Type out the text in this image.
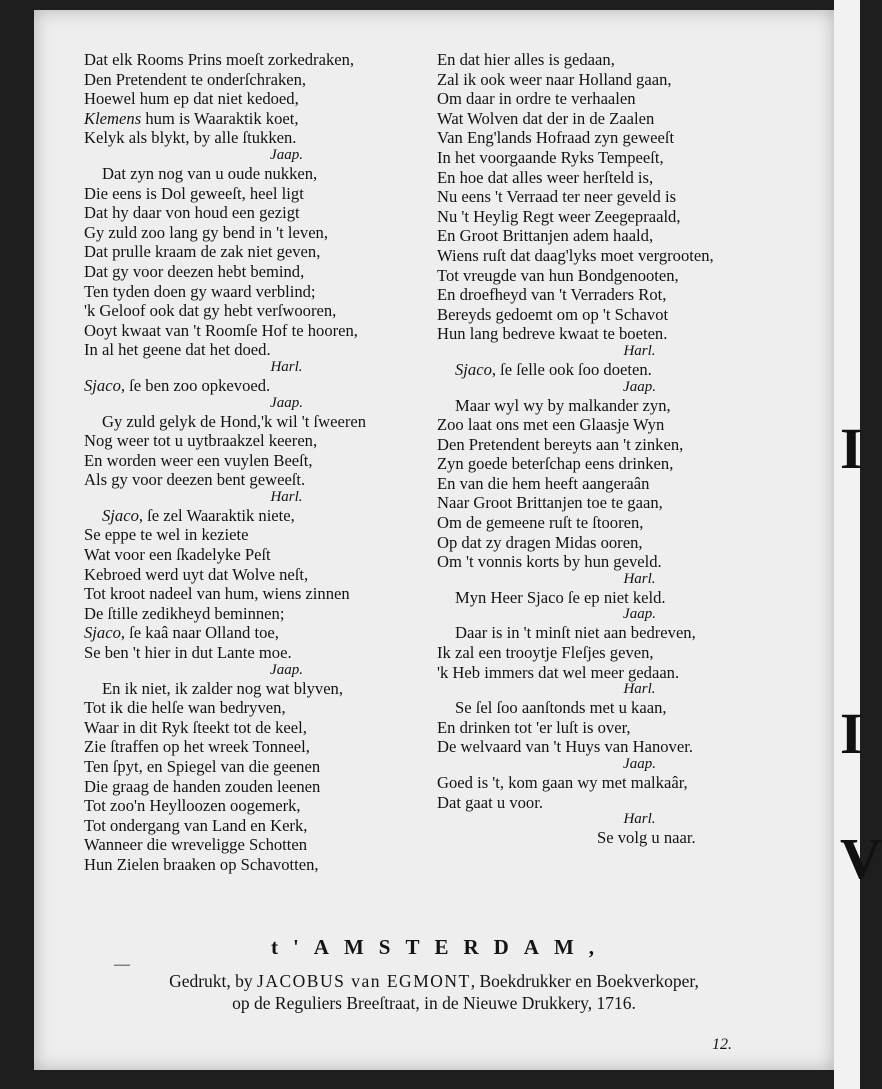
I
I
V
Dat elk Rooms Prins moeſt zorkedraken,
Den Pretendent te onderſchraken,
Hoewel hum ep dat niet kedoed,
Klemens hum is Waaraktik koet,
Kelyk als blykt, by alle ſtukken.
Jaap.
Dat zyn nog van u oude nukken,
Die eens is Dol geweeſt, heel ligt
Dat hy daar von houd een gezigt
Gy zuld zoo lang gy bend in 't leven,
Dat prulle kraam de zak niet geven,
Dat gy voor deezen hebt bemind,
Ten tyden doen gy waard verblind;
'k Geloof ook dat gy hebt verſwooren,
Ooyt kwaat van 't Roomſe Hof te hooren,
In al het geene dat het doed.
Harl.
Sjaco, ſe ben zoo opkevoed.
Jaap.
Gy zuld gelyk de Hond,'k wil 't ſweeren
Nog weer tot u uytbraakzel keeren,
En worden weer een vuylen Beeſt,
Als gy voor deezen bent geweeſt.
Harl.
Sjaco, ſe zel Waaraktik niete,
Se eppe te wel in keziete
Wat voor een ſkadelyke Peſt
Kebroed werd uyt dat Wolve neſt,
Tot kroot nadeel van hum, wiens zinnen
De ſtille zedikheyd beminnen;
Sjaco, ſe kaâ naar Olland toe,
Se ben 't hier in dut Lante moe.
Jaap.
En ik niet, ik zalder nog wat blyven,
Tot ik die helſe wan bedryven,
Waar in dit Ryk ſteekt tot de keel,
Zie ſtraffen op het wreek Tonneel,
Ten ſpyt, en Spiegel van die geenen
Die graag de handen zouden leenen
Tot zoo'n Heylloozen oogemerk,
Tot ondergang van Land en Kerk,
Wanneer die wreveligge Schotten
Hun Zielen braaken op Schavotten,
En dat hier alles is gedaan,
Zal ik ook weer naar Holland gaan,
Om daar in ordre te verhaalen
Wat Wolven dat der in de Zaalen
Van Eng'lands Hofraad zyn geweeſt
In het voorgaande Ryks Tempeeſt,
En hoe dat alles weer herſteld is,
Nu eens 't Verraad ter neer geveld is
Nu 't Heylig Regt weer Zeegepraald,
En Groot Brittanjen adem haald,
Wiens ruſt dat daag'lyks moet vergrooten,
Tot vreugde van hun Bondgenooten,
En droefheyd van 't Verraders Rot,
Bereyds gedoemt om op 't Schavot
Hun lang bedreve kwaat te boeten.
Harl.
Sjaco, ſe ſelle ook ſoo doeten.
Jaap.
Maar wyl wy by malkander zyn,
Zoo laat ons met een Glaasje Wyn
Den Pretendent bereyts aan 't zinken,
Zyn goede beterſchap eens drinken,
En van die hem heeft aangeraân
Naar Groot Brittanjen toe te gaan,
Om de gemeene ruſt te ſtooren,
Op dat zy dragen Midas ooren,
Om 't vonnis korts by hun geveld.
Harl.
Myn Heer Sjaco ſe ep niet keld.
Jaap.
Daar is in 't minſt niet aan bedreven,
Ik zal een trooytje Fleſjes geven,
'k Heb immers dat wel meer gedaan.
Harl.
Se ſel ſoo aanſtonds met u kaan,
En drinken tot 'er luſt is over,
De welvaard van 't Huys van Hanover.
Jaap.
Goed is 't, kom gaan wy met malkaâr,
Dat gaat u voor.
Harl.
Se volg u naar.
—
t'AMSTERDAM,
Gedrukt, by JACOBUS van EGMONT, Boekdrukker en Boekverkoper,
op de Reguliers Breeſtraat, in de Nieuwe Drukkery, 1716.
12.
